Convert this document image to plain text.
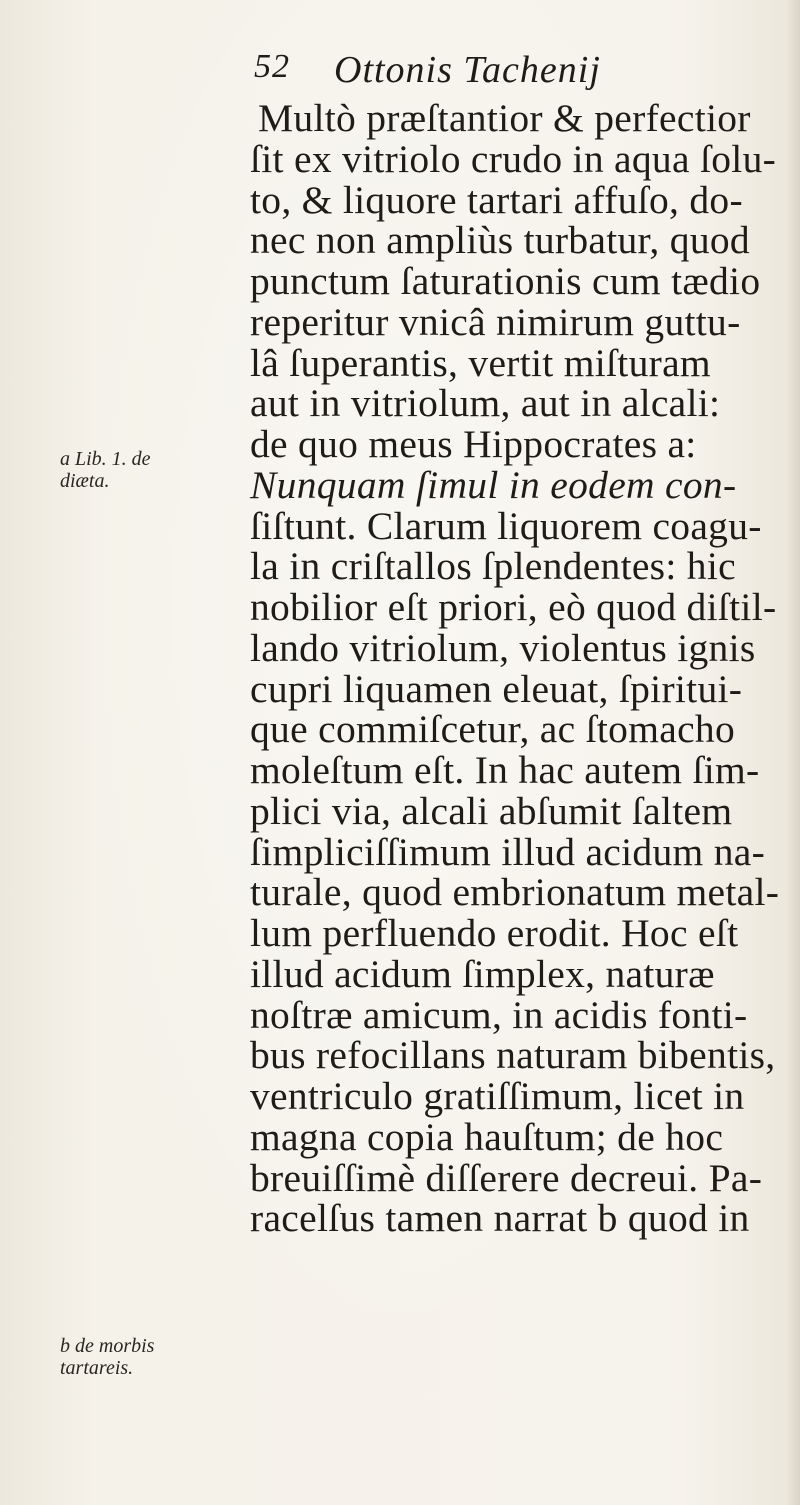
52 Ottonis Tachenij
a Lib. 1. de
diæta.
b de morbis
tartareis.
Multò præſtantior & perfectior
ſit ex vitriolo crudo in aqua ſolu-
to, & liquore tartari affuſo, do-
nec non ampliùs turbatur, quod
punctum ſaturationis cum tædio
reperitur vnicâ nimirum guttu-
lâ ſuperantis, vertit miſturam
aut in vitriolum, aut in alcali:
de quo meus Hippocrates a:
Nunquam ſimul in eodem con-
ſiſtunt. Clarum liquorem coagu-
la in criſtallos ſplendentes: hic
nobilior eſt priori, eò quod diſtil-
lando vitriolum, violentus ignis
cupri liquamen eleuat, ſpiritui-
que commiſcetur, ac ſtomacho
moleſtum eſt. In hac autem ſim-
plici via, alcali abſumit ſaltem
ſimpliciſſimum illud acidum na-
turale, quod embrionatum metal-
lum perfluendo erodit. Hoc eſt
illud acidum ſimplex, naturæ
noſtræ amicum, in acidis fonti-
bus refocillans naturam bibentis,
ventriculo gratiſſimum, licet in
magna copia hauſtum; de hoc
breuiſſimè diſſerere decreui. Pa-
racelſus tamen narrat b quod in
